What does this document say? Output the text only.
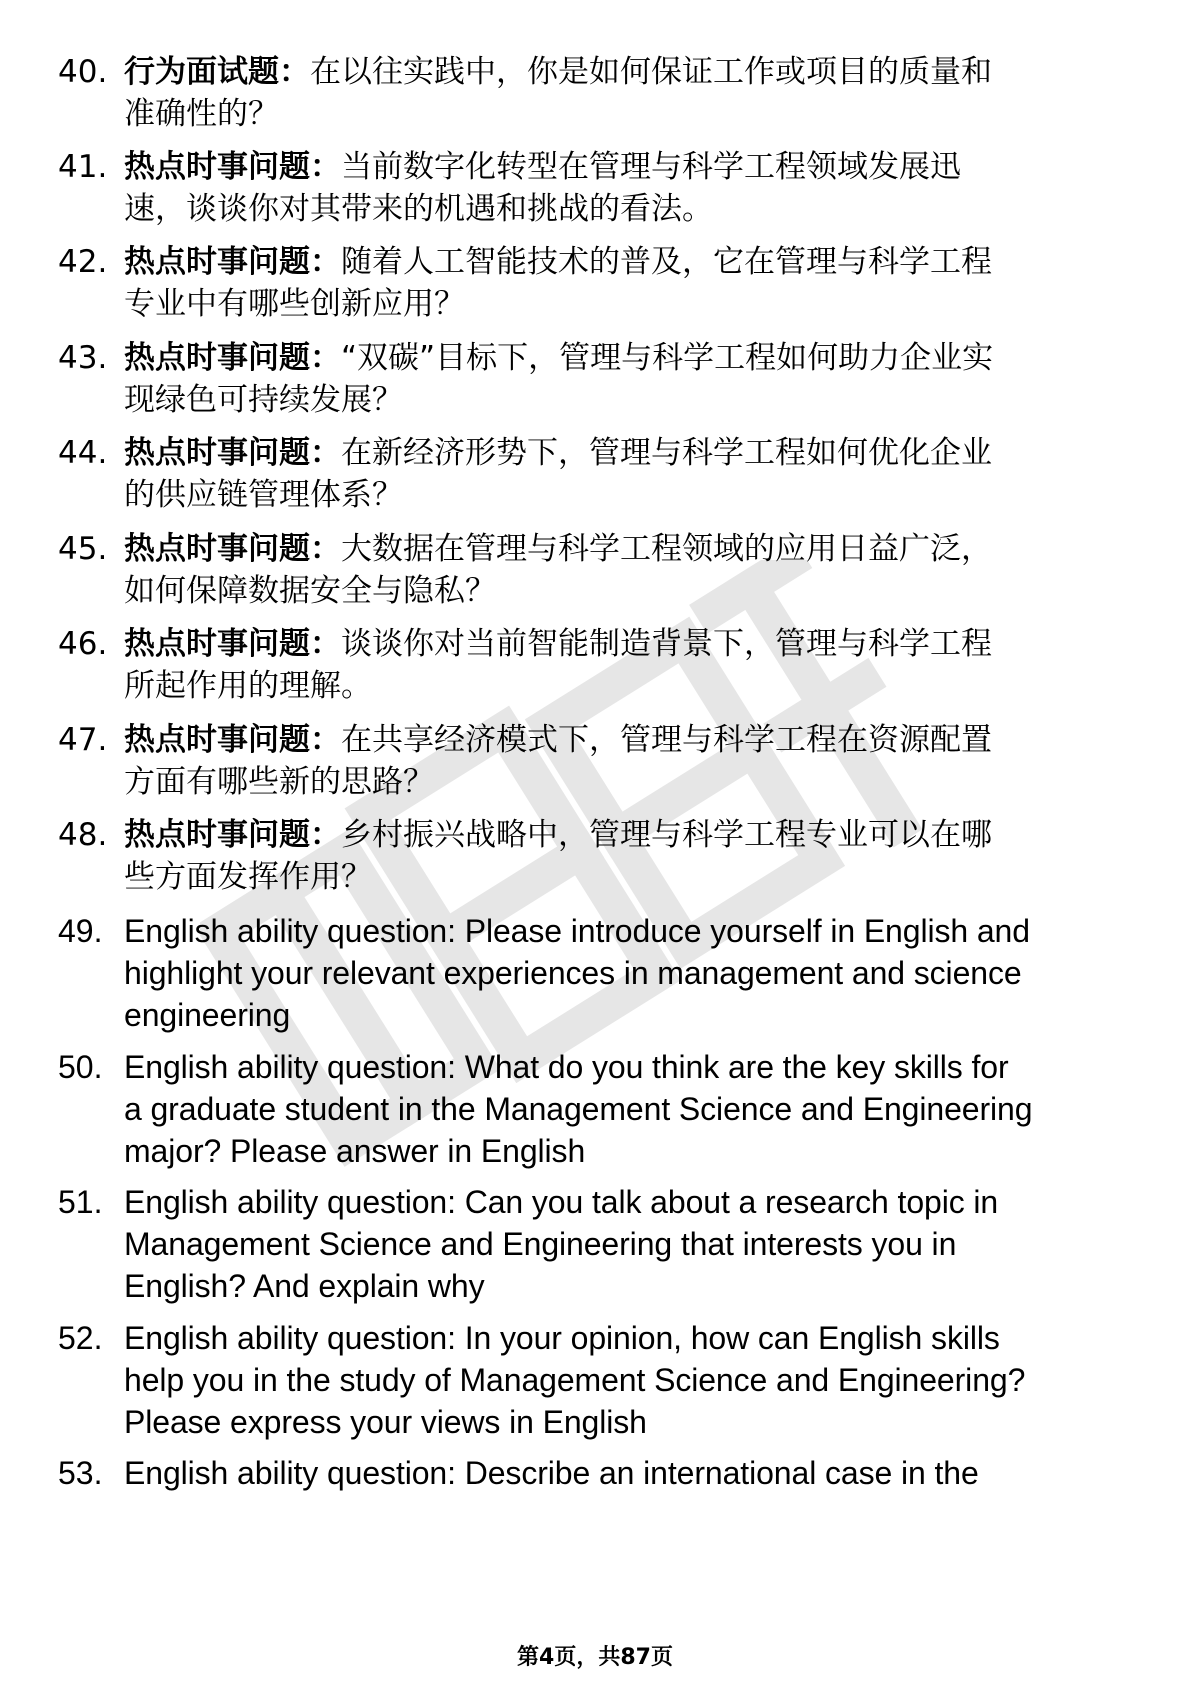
40. 行为面试题：在以往实践中，你是如何保证工作或项目的质量和
准确性的？
41. 热点时事问题：当前数字化转型在管理与科学工程领域发展迅
速，谈谈你对其带来的机遇和挑战的看法。
42. 热点时事问题：随着人工智能技术的普及，它在管理与科学工程
专业中有哪些创新应用？
43. 热点时事问题：“双碳”目标下，管理与科学工程如何助力企业实
现绿色可持续发展？
44. 热点时事问题：在新经济形势下，管理与科学工程如何优化企业
的供应链管理体系？
45. 热点时事问题：大数据在管理与科学工程领域的应用日益广泛，
如何保障数据安全与隐私？
46. 热点时事问题：谈谈你对当前智能制造背景下，管理与科学工程
所起作用的理解。
47. 热点时事问题：在共享经济模式下，管理与科学工程在资源配置
方面有哪些新的思路？
48. 热点时事问题：乡村振兴战略中，管理与科学工程专业可以在哪
些方面发挥作用？
49. English ability question: Please introduce yourself in English and
highlight your relevant experiences in management and science
engineering
50. English ability question: What do you think are the key skills for
a graduate student in the Management Science and Engineering
major? Please answer in English
51. English ability question: Can you talk about a research topic in
Management Science and Engineering that interests you in
English? And explain why
52. English ability question: In your opinion, how can English skills
help you in the study of Management Science and Engineering?
Please express your views in English
53. English ability question: Describe an international case in the
第4页，共87页
